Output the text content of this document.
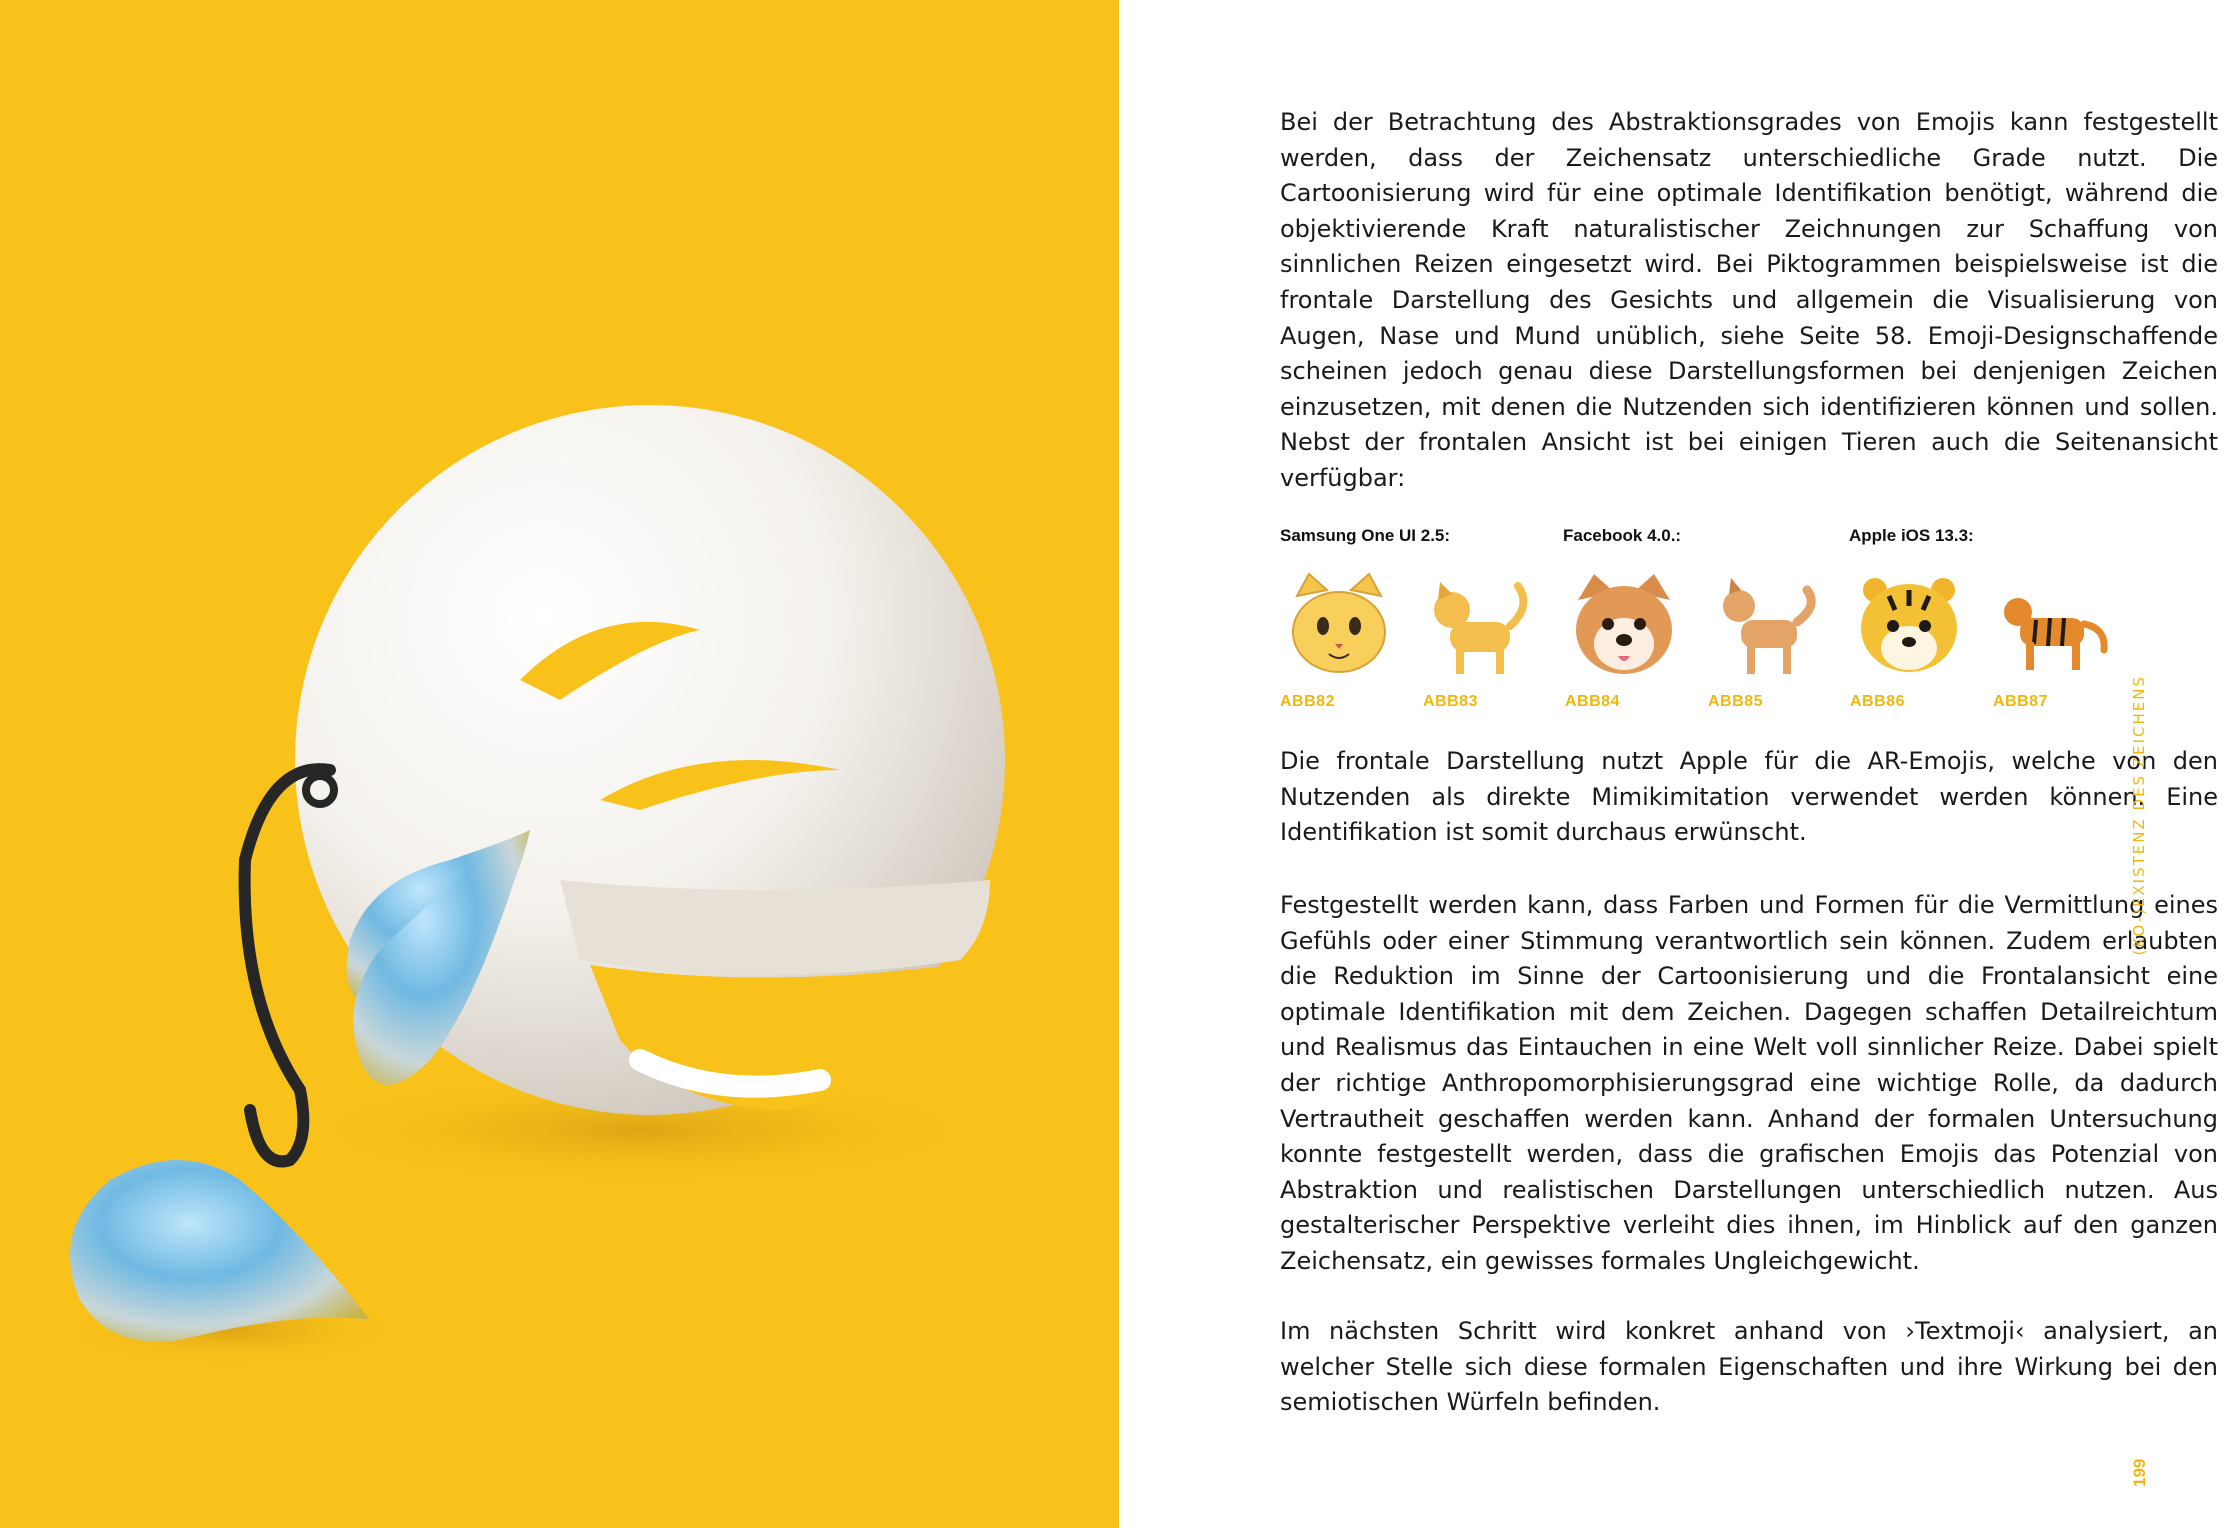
Bei der Betrachtung des Abstraktionsgrades von Emojis kann festgestellt werden, dass der Zeichensatz unterschiedliche Grade nutzt. Die Cartoonisierung wird für eine optimale Identifikation benötigt, während die objektivierende Kraft naturalistischer Zeichnungen zur Schaffung von sinnlichen Reizen eingesetzt wird. Bei Piktogrammen beispielsweise ist die frontale Darstellung des Gesichts und allgemein die Visualisierung von Augen, Nase und Mund unüblich, siehe Seite 58. Emoji-Designschaffende scheinen jedoch genau diese Darstellungsformen bei denjenigen Zeichen einzusetzen, mit denen die Nutzenden sich identifizieren können und sollen. Nebst der frontalen Ansicht ist bei einigen Tieren auch die Seitenansicht verfügbar:

Samsung One UI 2.5:	Facebook 4.0.:	Apple iOS 13.3:
ABB82	ABB83	ABB84	ABB85	ABB86	ABB87

Die frontale Darstellung nutzt Apple für die AR-Emojis, welche von den Nutzenden als direkte Mimikimitation verwendet werden können. Eine Identifikation ist somit durchaus erwünscht.

Festgestellt werden kann, dass Farben und Formen für die Vermittlung eines Gefühls oder einer Stimmung verantwortlich sein können. Zudem erlaubten die Reduktion im Sinne der Cartoonisierung und die Frontalansicht eine optimale Identifikation mit dem Zeichen. Dagegen schaffen Detailreichtum und Realismus das Eintauchen in eine Welt voll sinnlicher Reize. Dabei spielt der richtige Anthropomorphisierungsgrad eine wichtige Rolle, da dadurch Vertrautheit geschaffen werden kann. Anhand der formalen Untersuchung konnte festgestellt werden, dass die grafischen Emojis das Potenzial von Abstraktion und realistischen Darstellungen unterschiedlich nutzen. Aus gestalterischer Perspektive verleiht dies ihnen, im Hinblick auf den ganzen Zeichensatz, ein gewisses formales Ungleichgewicht.

Im nächsten Schritt wird konkret anhand von ›Textmoji‹ analysiert, an welcher Stelle sich diese formalen Eigenschaften und ihre Wirkung bei den semiotischen Würfeln befinden.

(KO-)EXISTENZ DES ZEICHENS
199
